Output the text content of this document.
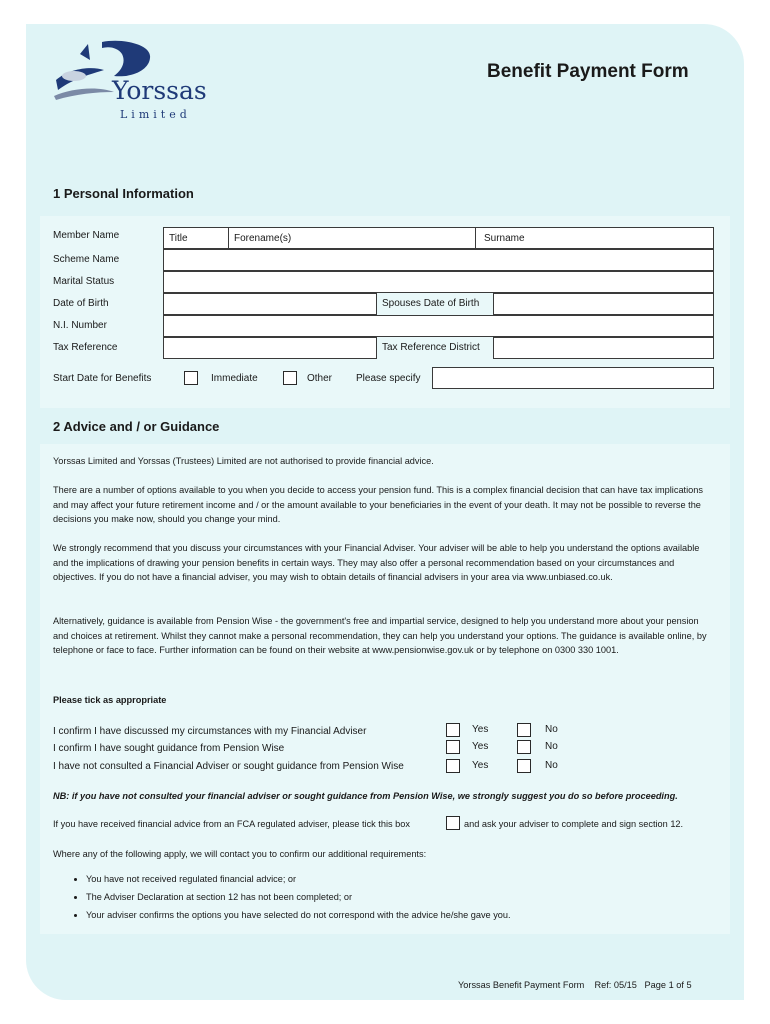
Yorssas
Limited
Benefit Payment Form
1 Personal Information
Member Name	Title	Forename(s)	Surname
Scheme Name
Marital Status
Date of Birth	Spouses Date of Birth
N.I. Number
Tax Reference	Tax Reference District
Start Date for Benefits	Immediate	Other Please specify
2 Advice and / or Guidance

Yorssas Limited and Yorssas (Trustees) Limited are not authorised to provide financial advice.

There are a number of options available to you when you decide to access your pension fund. This is a complex financial decision that can have tax implications and may affect your future retirement income and / or the amount available to your beneficiaries in the event of your death. It may not be possible to reverse the decisions you make now, should you change your mind.

We strongly recommend that you discuss your circumstances with your Financial Adviser. Your adviser will be able to help you understand the options available and the implications of drawing your pension benefits in certain ways. They may also offer a personal recommendation based on your circumstances and objectives. If you do not have a financial adviser, you may wish to obtain details of financial advisers in your area via www.unbiased.co.uk.

Alternatively, guidance is available from Pension Wise - the government's free and impartial service, designed to help you understand more about your pension and choices at retirement. Whilst they cannot make a personal recommendation, they can help you understand your options. The guidance is available online, by telephone or face to face. Further information can be found on their website at www.pensionwise.gov.uk or by telephone on 0300 330 1001.

Please tick as appropriate
I confirm I have discussed my circumstances with my Financial Adviser	Yes	No
I confirm I have sought guidance from Pension Wise	Yes	No
I have not consulted a Financial Adviser or sought guidance from Pension Wise	Yes	No
NB: if you have not consulted your financial adviser or sought guidance from Pension Wise, we strongly suggest you do so before proceeding.
If you have received financial advice from an FCA regulated adviser, please tick this box	and ask your adviser to complete and sign section 12.
Where any of the following apply, we will contact you to confirm our additional requirements:
• You have not received regulated financial advice; or
• The Adviser Declaration at section 12 has not been completed; or
• Your adviser confirms the options you have selected do not correspond with the advice he/she gave you.
Yorssas Benefit Payment Form    Ref: 05/15   Page 1 of 5
